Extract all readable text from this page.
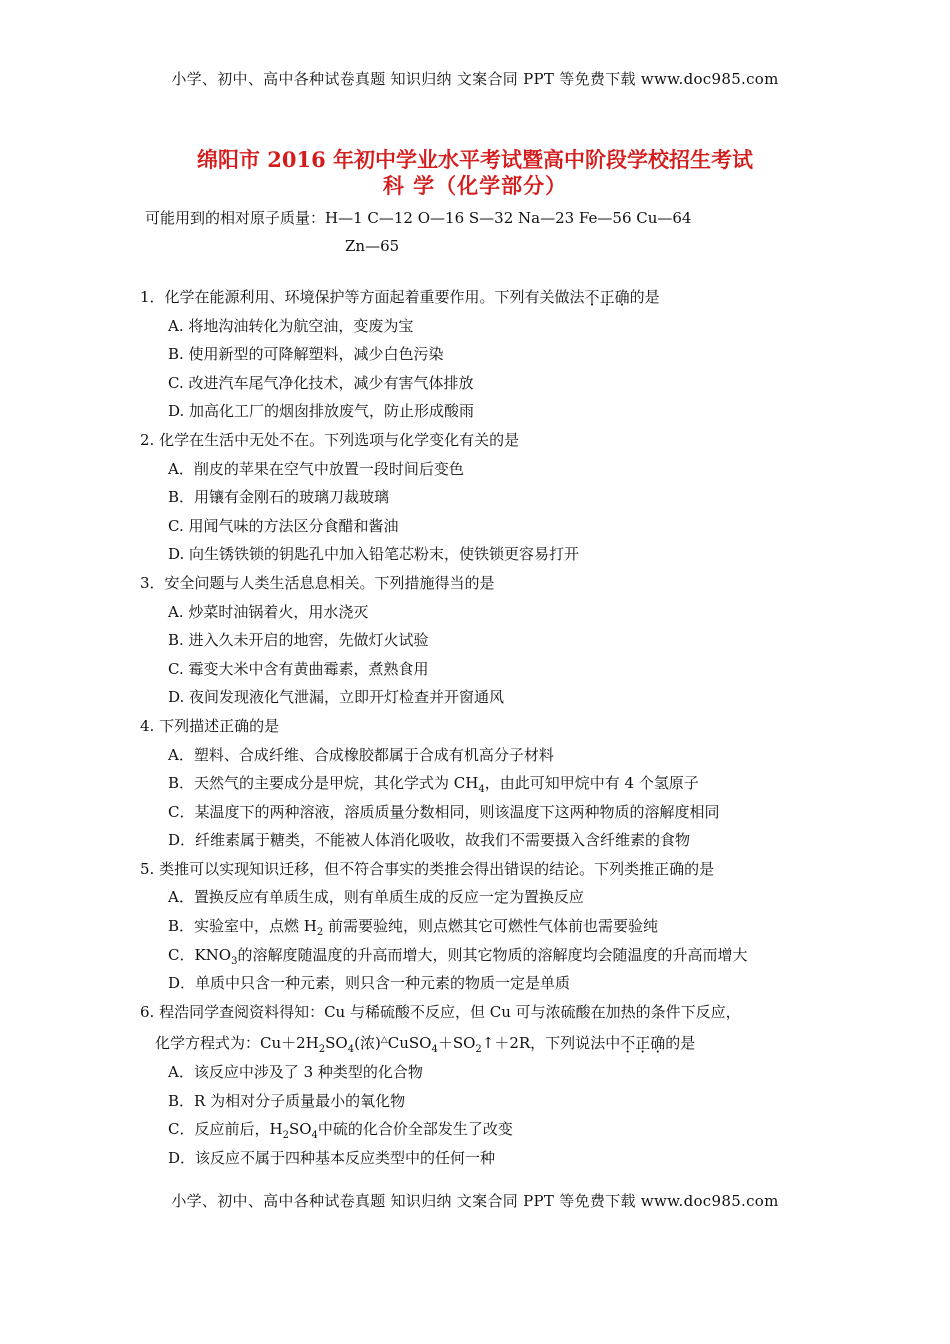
小学、初中、高中各种试卷真题 知识归纳 文案合同 PPT 等免费下载 www.doc985.com
绵阳市 2016 年初中学业水平考试暨高中阶段学校招生考试
科 学（化学部分）
可能用到的相对原子质量：H—1 C—12 O—16 S—32 Na—23 Fe—56 Cu—64
Zn—65
1．化学在能源利用、环境保护等方面起着重要作用。下列有关做法不正确的是
A. 将地沟油转化为航空油，变废为宝
B. 使用新型的可降解塑料，减少白色污染
C. 改进汽车尾气净化技术，减少有害气体排放
D. 加高化工厂的烟囱排放废气，防止形成酸雨
2. 化学在生活中无处不在。下列选项与化学变化有关的是
A．削皮的苹果在空气中放置一段时间后变色
B．用镶有金刚石的玻璃刀裁玻璃
C. 用闻气味的方法区分食醋和酱油
D. 向生锈铁锁的钥匙孔中加入铅笔芯粉末，使铁锁更容易打开
3．安全问题与人类生活息息相关。下列措施得当的是
A. 炒菜时油锅着火，用水浇灭
B. 进入久未开启的地窖，先做灯火试验
C. 霉变大米中含有黄曲霉素，煮熟食用
D. 夜间发现液化气泄漏，立即开灯检查并开窗通风
4. 下列描述正确的是
A．塑料、合成纤维、合成橡胶都属于合成有机高分子材料
B．天然气的主要成分是甲烷，其化学式为 $CH_4$，由此可知甲烷中有 4 个氢原子
C．某温度下的两种溶液，溶质质量分数相同，则该温度下这两种物质的溶解度相同
D．纤维素属于糖类，不能被人体消化吸收，故我们不需要摄入含纤维素的食物
5. 类推可以实现知识迁移，但不符合事实的类推会得出错误的结论。下列类推正确的是
A．置换反应有单质生成，则有单质生成的反应一定为置换反应
B．实验室中，点燃 $H_2$ 前需要验纯，则点燃其它可燃性气体前也需要验纯
C．$KNO_3$的溶解度随温度的升高而增大，则其它物质的溶解度均会随温度的升高而增大
D．单质中只含一种元素，则只含一种元素的物质一定是单质
6. 程浩同学查阅资料得知：Cu 与稀硫酸不反应，但 Cu 可与浓硫酸在加热的条件下反应，
化学方程式为：$Cu+2H_2SO_4$(浓)$^\triangle CuSO_4+SO_2↑+2R$，下列说法中不正确的是
A．该反应中涉及了 3 种类型的化合物
B．R 为相对分子质量最小的氧化物
C．反应前后，$H_2SO_4$中硫的化合价全部发生了改变
D．该反应不属于四种基本反应类型中的任何一种
小学、初中、高中各种试卷真题 知识归纳 文案合同 PPT 等免费下载 www.doc985.com
